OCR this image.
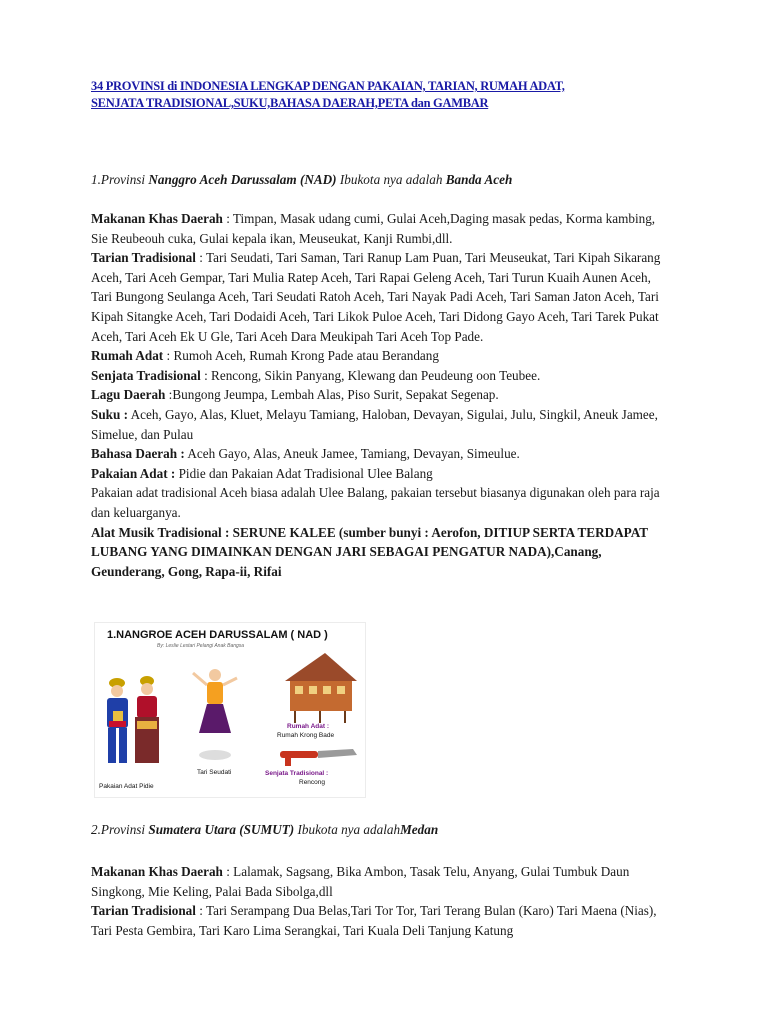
34 PROVINSI di INDONESIA LENGKAP DENGAN PAKAIAN, TARIAN, RUMAH ADAT,
SENJATA TRADISIONAL,SUKU,BAHASA DAERAH,PETA dan GAMBAR

1.Provinsi Nanggro Aceh Darussalam (NAD) Ibukota nya adalah Banda Aceh

Makanan Khas Daerah : Timpan, Masak udang cumi, Gulai Aceh,Daging masak pedas, Korma kambing, Sie Reubeouh cuka, Gulai kepala ikan, Meuseukat, Kanji Rumbi,dll.

Tarian Tradisional : Tari Seudati, Tari Saman, Tari Ranup Lam Puan, Tari Meuseukat, Tari Kipah Sikarang Aceh, Tari Aceh Gempar, Tari Mulia Ratep Aceh, Tari Rapai Geleng Aceh, Tari Turun Kuaih Aunen Aceh, Tari Bungong Seulanga Aceh, Tari Seudati Ratoh Aceh, Tari Nayak Padi Aceh, Tari Saman Jaton Aceh, Tari Kipah Sitangke Aceh, Tari Dodaidi Aceh, Tari Likok Puloe Aceh, Tari Didong Gayo Aceh, Tari Tarek Pukat Aceh, Tari Aceh Ek U Gle, Tari Aceh Dara Meukipah Tari Aceh Top Pade.

Rumah Adat : Rumoh Aceh, Rumah Krong Pade atau Berandang

Senjata Tradisional : Rencong, Sikin Panyang, Klewang dan Peudeung oon Teubee.

Lagu Daerah :Bungong Jeumpa, Lembah Alas, Piso Surit, Sepakat Segenap.

Suku : Aceh, Gayo, Alas, Kluet, Melayu Tamiang, Haloban, Devayan, Sigulai, Julu, Singkil, Aneuk Jamee, Simelue, dan Pulau

Bahasa Daerah : Aceh Gayo, Alas, Aneuk Jamee, Tamiang, Devayan, Simeulue.

Pakaian Adat : Pidie dan Pakaian Adat Tradisional Ulee Balang

Pakaian adat tradisional Aceh biasa adalah Ulee Balang, pakaian tersebut biasanya digunakan oleh para raja dan keluarganya.

Alat Musik Tradisional : SERUNE KALEE (sumber bunyi : Aerofon, DITIUP SERTA TERDAPAT LUBANG YANG DIMAINKAN DENGAN JARI SEBAGAI PENGATUR NADA),Canang, Geunderang, Gong, Rapa-ii, Rifai

1.NANGROE ACEH DARUSSALAM ( NAD )
By: Leslie Lestari Pelangi Anak Bangsa
Pakaian Adat Pidie
Tari Seudati
Rumah Adat :
Rumah Krong Bade
Senjata Tradisional :
Rencong

2.Provinsi Sumatera Utara (SUMUT) Ibukota nya adalahMedan

Makanan Khas Daerah : Lalamak, Sagsang, Bika Ambon, Tasak Telu, Anyang, Gulai Tumbuk Daun Singkong, Mie Keling, Palai Bada Sibolga,dll

Tarian Tradisional : Tari Serampang Dua Belas,Tari Tor Tor, Tari Terang Bulan (Karo) Tari Maena (Nias), Tari Pesta Gembira, Tari Karo Lima Serangkai, Tari Kuala Deli Tanjung Katung
